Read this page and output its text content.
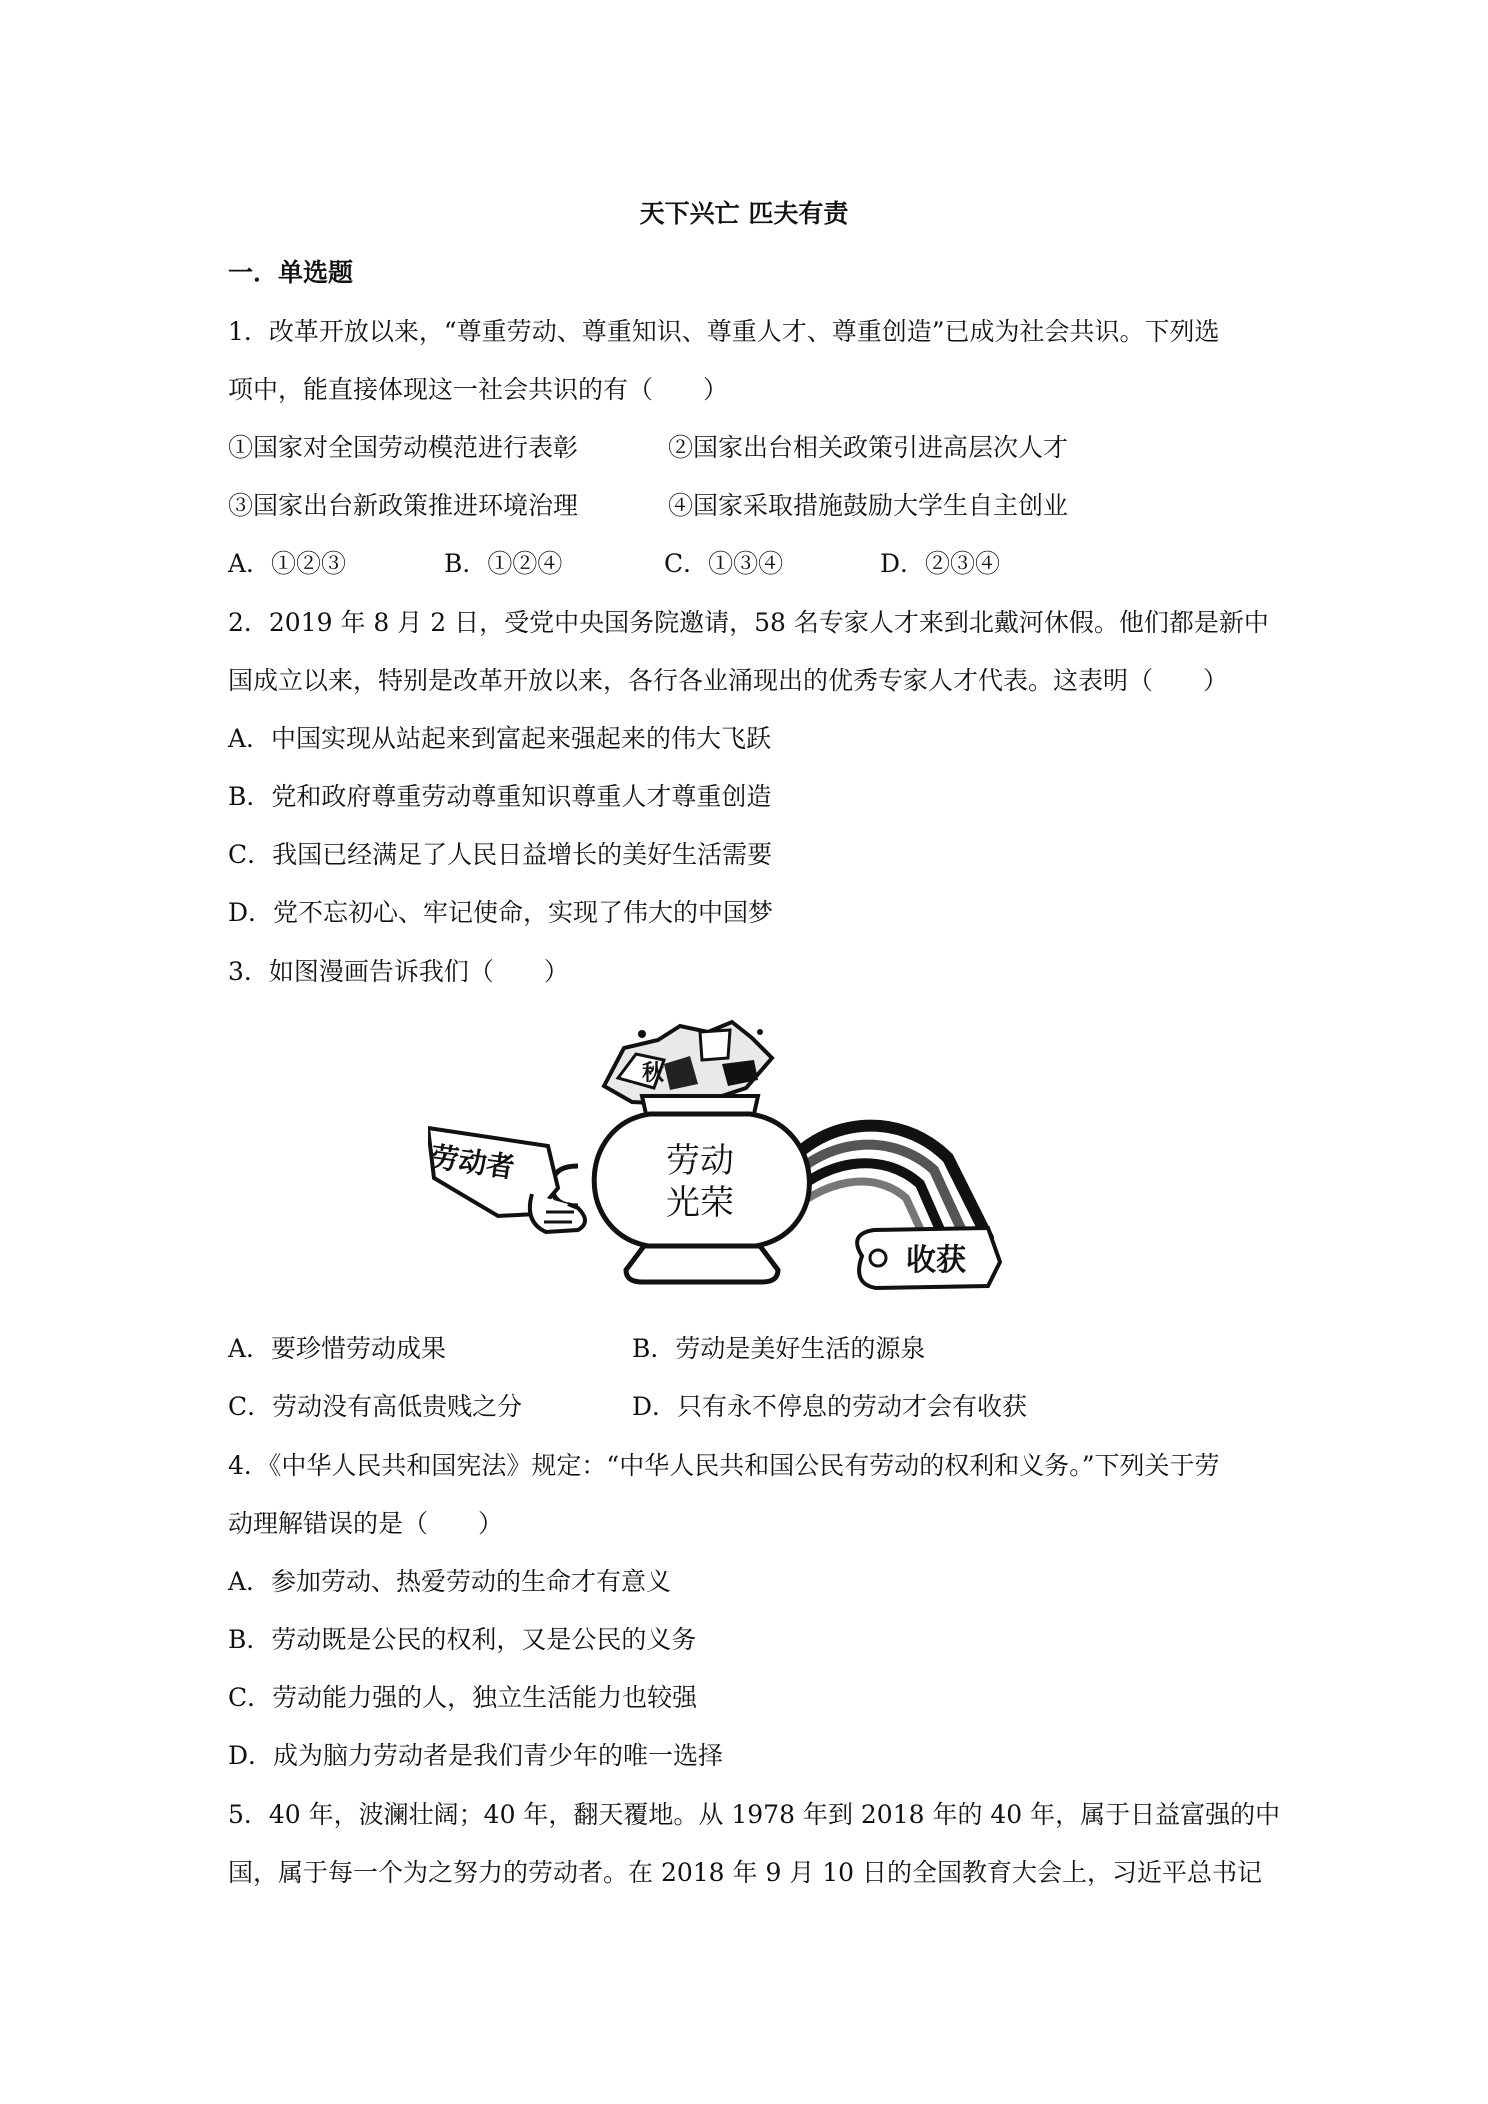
天下兴亡 匹夫有责
一．单选题
1．改革开放以来，“尊重劳动、尊重知识、尊重人才、尊重创造”已成为社会共识。下列选
项中，能直接体现这一社会共识的有（　　）
①国家对全国劳动模范进行表彰	②国家出台相关政策引进高层次人才
③国家出台新政策推进环境治理	④国家采取措施鼓励大学生自主创业
A．①②③	B．①②④	C．①③④	D．②③④
2．2019 年 8 月 2 日，受党中央国务院邀请，58 名专家人才来到北戴河休假。他们都是新中
国成立以来，特别是改革开放以来，各行各业涌现出的优秀专家人才代表。这表明（　　）
A．中国实现从站起来到富起来强起来的伟大飞跃
B．党和政府尊重劳动尊重知识尊重人才尊重创造
C．我国已经满足了人民日益增长的美好生活需要
D．党不忘初心、牢记使命，实现了伟大的中国梦
3．如图漫画告诉我们（　　）
收获
秋
劳动
光荣
劳动者
A．要珍惜劳动成果	B．劳动是美好生活的源泉
C．劳动没有高低贵贱之分	D．只有永不停息的劳动才会有收获
4．《中华人民共和国宪法》规定：“中华人民共和国公民有劳动的权利和义务。”下列关于劳
动理解错误的是（　　）
A．参加劳动、热爱劳动的生命才有意义
B．劳动既是公民的权利，又是公民的义务
C．劳动能力强的人，独立生活能力也较强
D．成为脑力劳动者是我们青少年的唯一选择
5．40 年，波澜壮阔；40 年，翻天覆地。从 1978 年到 2018 年的 40 年，属于日益富强的中
国，属于每一个为之努力的劳动者。在 2018 年 9 月 10 日的全国教育大会上，习近平总书记
